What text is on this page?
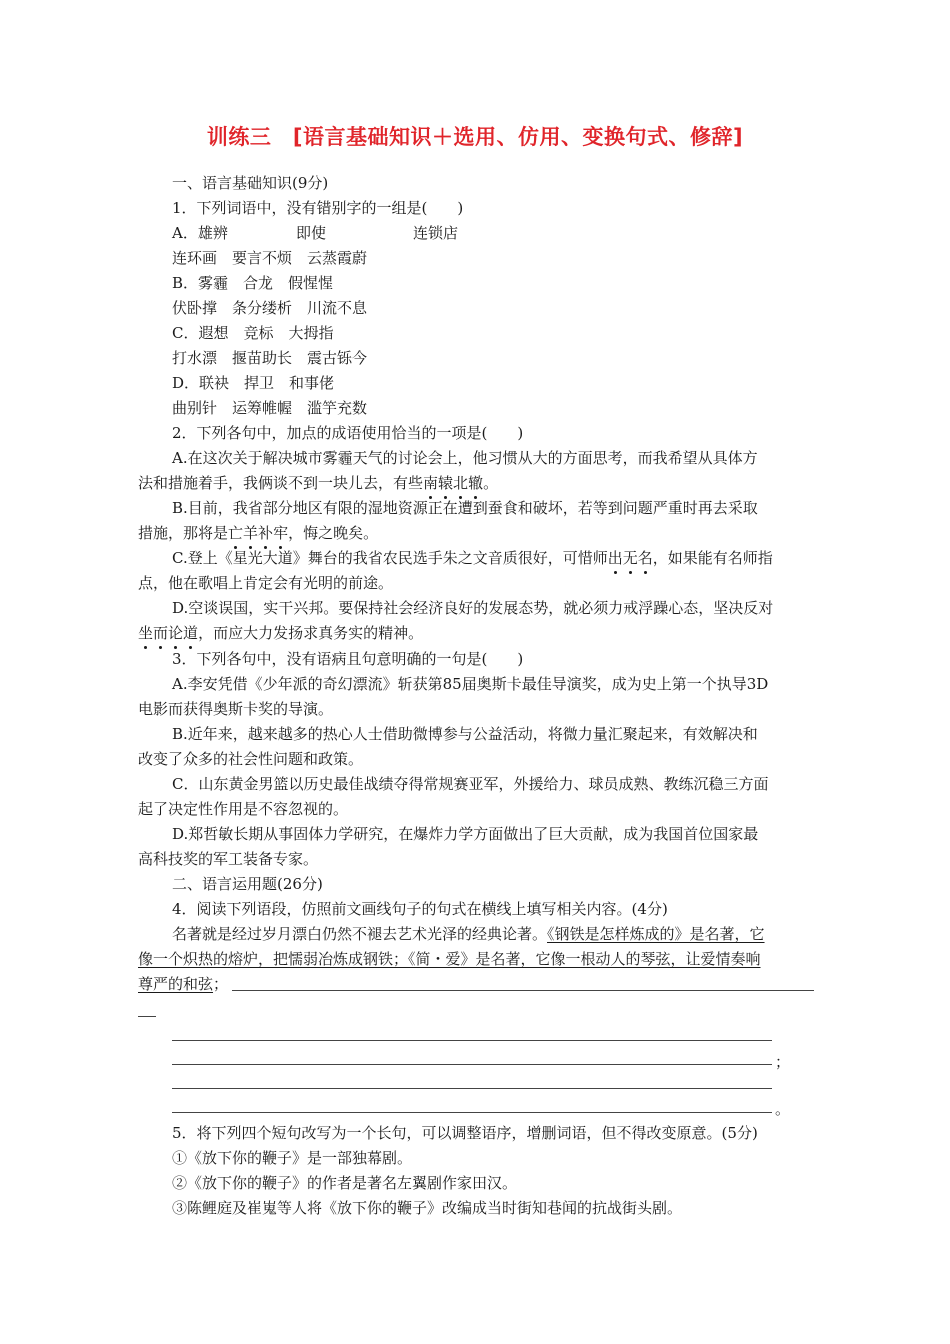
训练三　[语言基础知识＋选用、仿用、变换句式、修辞]
一、语言基础知识(9分)
1．下列词语中，没有错别字的一组是(　　)
A．雄辨	即使	连锁店
连环画　要言不烦　云蒸霞蔚
B．雾霾　合龙　假惺惺
伏卧撑　条分缕析　川流不息
C．遐想　竞标　大拇指
打水漂　揠苗助长　震古铄今
D．联袂　捍卫　和事佬
曲别针　运筹帷幄　滥竽充数
2．下列各句中，加点的成语使用恰当的一项是(　　)
A.在这次关于解决城市雾霾天气的讨论会上，他习惯从大的方面思考，而我希望从具体方
法和措施着手，我俩谈不到一块儿去，有些南辕北辙。
B.目前，我省部分地区有限的湿地资源正在遭到蚕食和破坏，若等到问题严重时再去采取
措施，那将是亡羊补牢，悔之晚矣。
C.登上《星光大道》舞台的我省农民选手朱之文音质很好，可惜师出无名，如果能有名师指
点，他在歌唱上肯定会有光明的前途。
D.空谈误国，实干兴邦。要保持社会经济良好的发展态势，就必须力戒浮躁心态，坚决反对
坐而论道，而应大力发扬求真务实的精神。
3．下列各句中，没有语病且句意明确的一句是(　　)
A.李安凭借《少年派的奇幻漂流》斩获第85届奥斯卡最佳导演奖，成为史上第一个执导3D
电影而获得奥斯卡奖的导演。
B.近年来，越来越多的热心人士借助微博参与公益活动，将微力量汇聚起来，有效解决和
改变了众多的社会性问题和政策。
C．山东黄金男篮以历史最佳战绩夺得常规赛亚军，外援给力、球员成熟、教练沉稳三方面
起了决定性作用是不容忽视的。
D.郑哲敏长期从事固体力学研究，在爆炸力学方面做出了巨大贡献，成为我国首位国家最
高科技奖的军工装备专家。
二、语言运用题(26分)
4．阅读下列语段，仿照前文画线句子的句式在横线上填写相关内容。(4分)
名著就是经过岁月漂白仍然不褪去艺术光泽的经典论著。《钢铁是怎样炼成的》是名著，它
像一个炽热的熔炉，把懦弱冶炼成钢铁；《简・爱》是名著，它像一根动人的琴弦，让爱情奏响
尊严的和弦；
；
。
5．将下列四个短句改写为一个长句，可以调整语序，增删词语，但不得改变原意。(5分)
①《放下你的鞭子》是一部独幕剧。
②《放下你的鞭子》的作者是著名左翼剧作家田汉。
③陈鲤庭及崔嵬等人将《放下你的鞭子》改编成当时街知巷闻的抗战街头剧。
